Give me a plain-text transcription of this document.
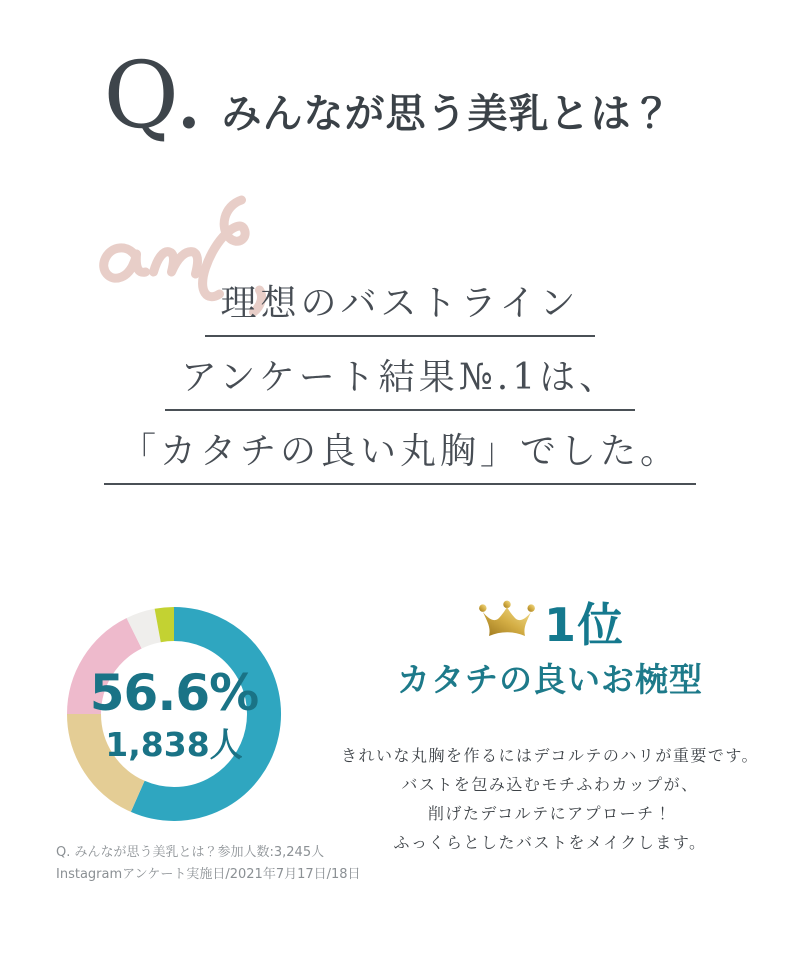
Q. みんなが思う美乳とは？
理想のバストライン
アンケート結果№.1は、
「カタチの良い丸胸」でした。
56.6%
1,838人
Q. みんなが思う美乳とは？参加人数:3,245人
Instagramアンケート実施日/2021年7月17日/18日
1位
カタチの良いお椀型
きれいな丸胸を作るにはデコルテのハリが重要です。
バストを包み込むモチふわカップが、
削げたデコルテにアプローチ！
ふっくらとしたバストをメイクします。
